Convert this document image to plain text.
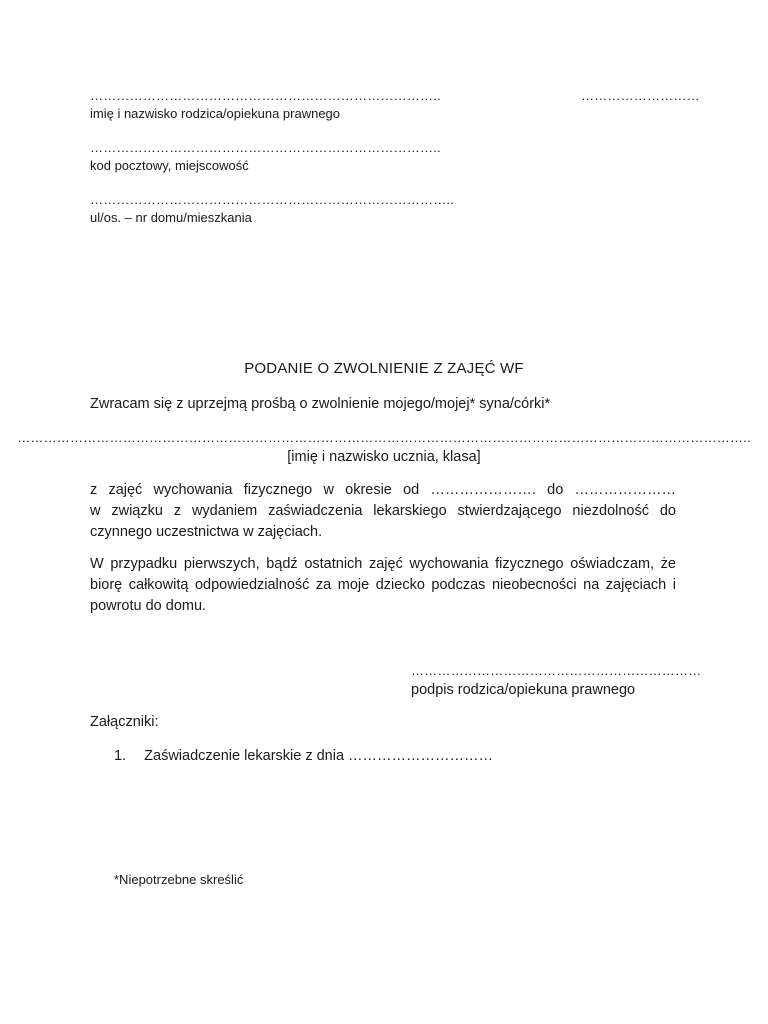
……………………………………………………………………..	………………………
imię i nazwisko rodzica/opiekuna prawnego
……………………………………………………………………..
kod pocztowy, miejscowość
………………………………………………………………………..
ul/os. – nr domu/mieszkania
PODANIE O ZWOLNIENIE Z ZAJĘĆ WF
Zwracam się z uprzejmą prośbą o zwolnienie mojego/mojej* syna/córki*
…………………………………………………………………………………………………………………………………………………..
[imię i nazwisko ucznia, klasa]
z zajęć wychowania fizycznego w okresie od …………………. do …………………
w związku z wydaniem zaświadczenia lekarskiego stwierdzającego niezdolność do czynnego uczestnictwa w zajęciach.
W przypadku pierwszych, bądź ostatnich zajęć wychowania fizycznego oświadczam, że biorę całkowitą odpowiedzialność za moje dziecko podczas nieobecności na zajęciach i powrotu do domu.
…………………………………………………………
podpis rodzica/opiekuna prawnego
Załączniki:
1. Zaświadczenie lekarskie z dnia …………………………
*Niepotrzebne skreślić
